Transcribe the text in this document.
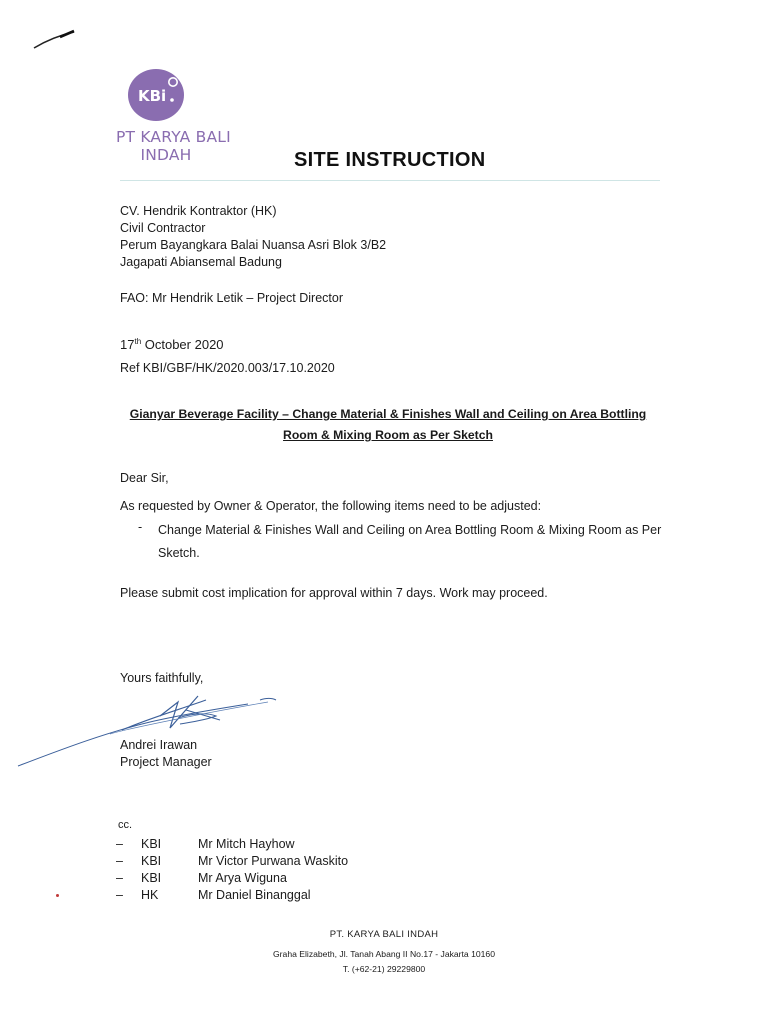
KBi
PT KARYA BALI
INDAH	SITE INSTRUCTION
CV. Hendrik Kontraktor (HK)
Civil Contractor
Perum Bayangkara Balai Nuansa Asri Blok 3/B2
Jagapati Abiansemal Badung
FAO: Mr Hendrik Letik – Project Director
17th October 2020
Ref KBI/GBF/HK/2020.003/17.10.2020
Gianyar Beverage Facility – Change Material & Finishes Wall and Ceiling on Area Bottling
Room & Mixing Room as Per Sketch
Dear Sir,
As requested by Owner & Operator, the following items need to be adjusted:
- Change Material & Finishes Wall and Ceiling on Area Bottling Room & Mixing Room as Per
Sketch.
Please submit cost implication for approval within 7 days. Work may proceed.
Yours faithfully,
Andrei Irawan
Project Manager
cc.
– KBI	Mr Mitch Hayhow
– KBI	Mr Victor Purwana Waskito
– KBI	Mr Arya Wiguna
– HK	Mr Daniel Binanggal
PT. KARYA BALI INDAH
Graha Elizabeth, Jl. Tanah Abang II No.17 - Jakarta 10160
T. (+62-21) 29229800
